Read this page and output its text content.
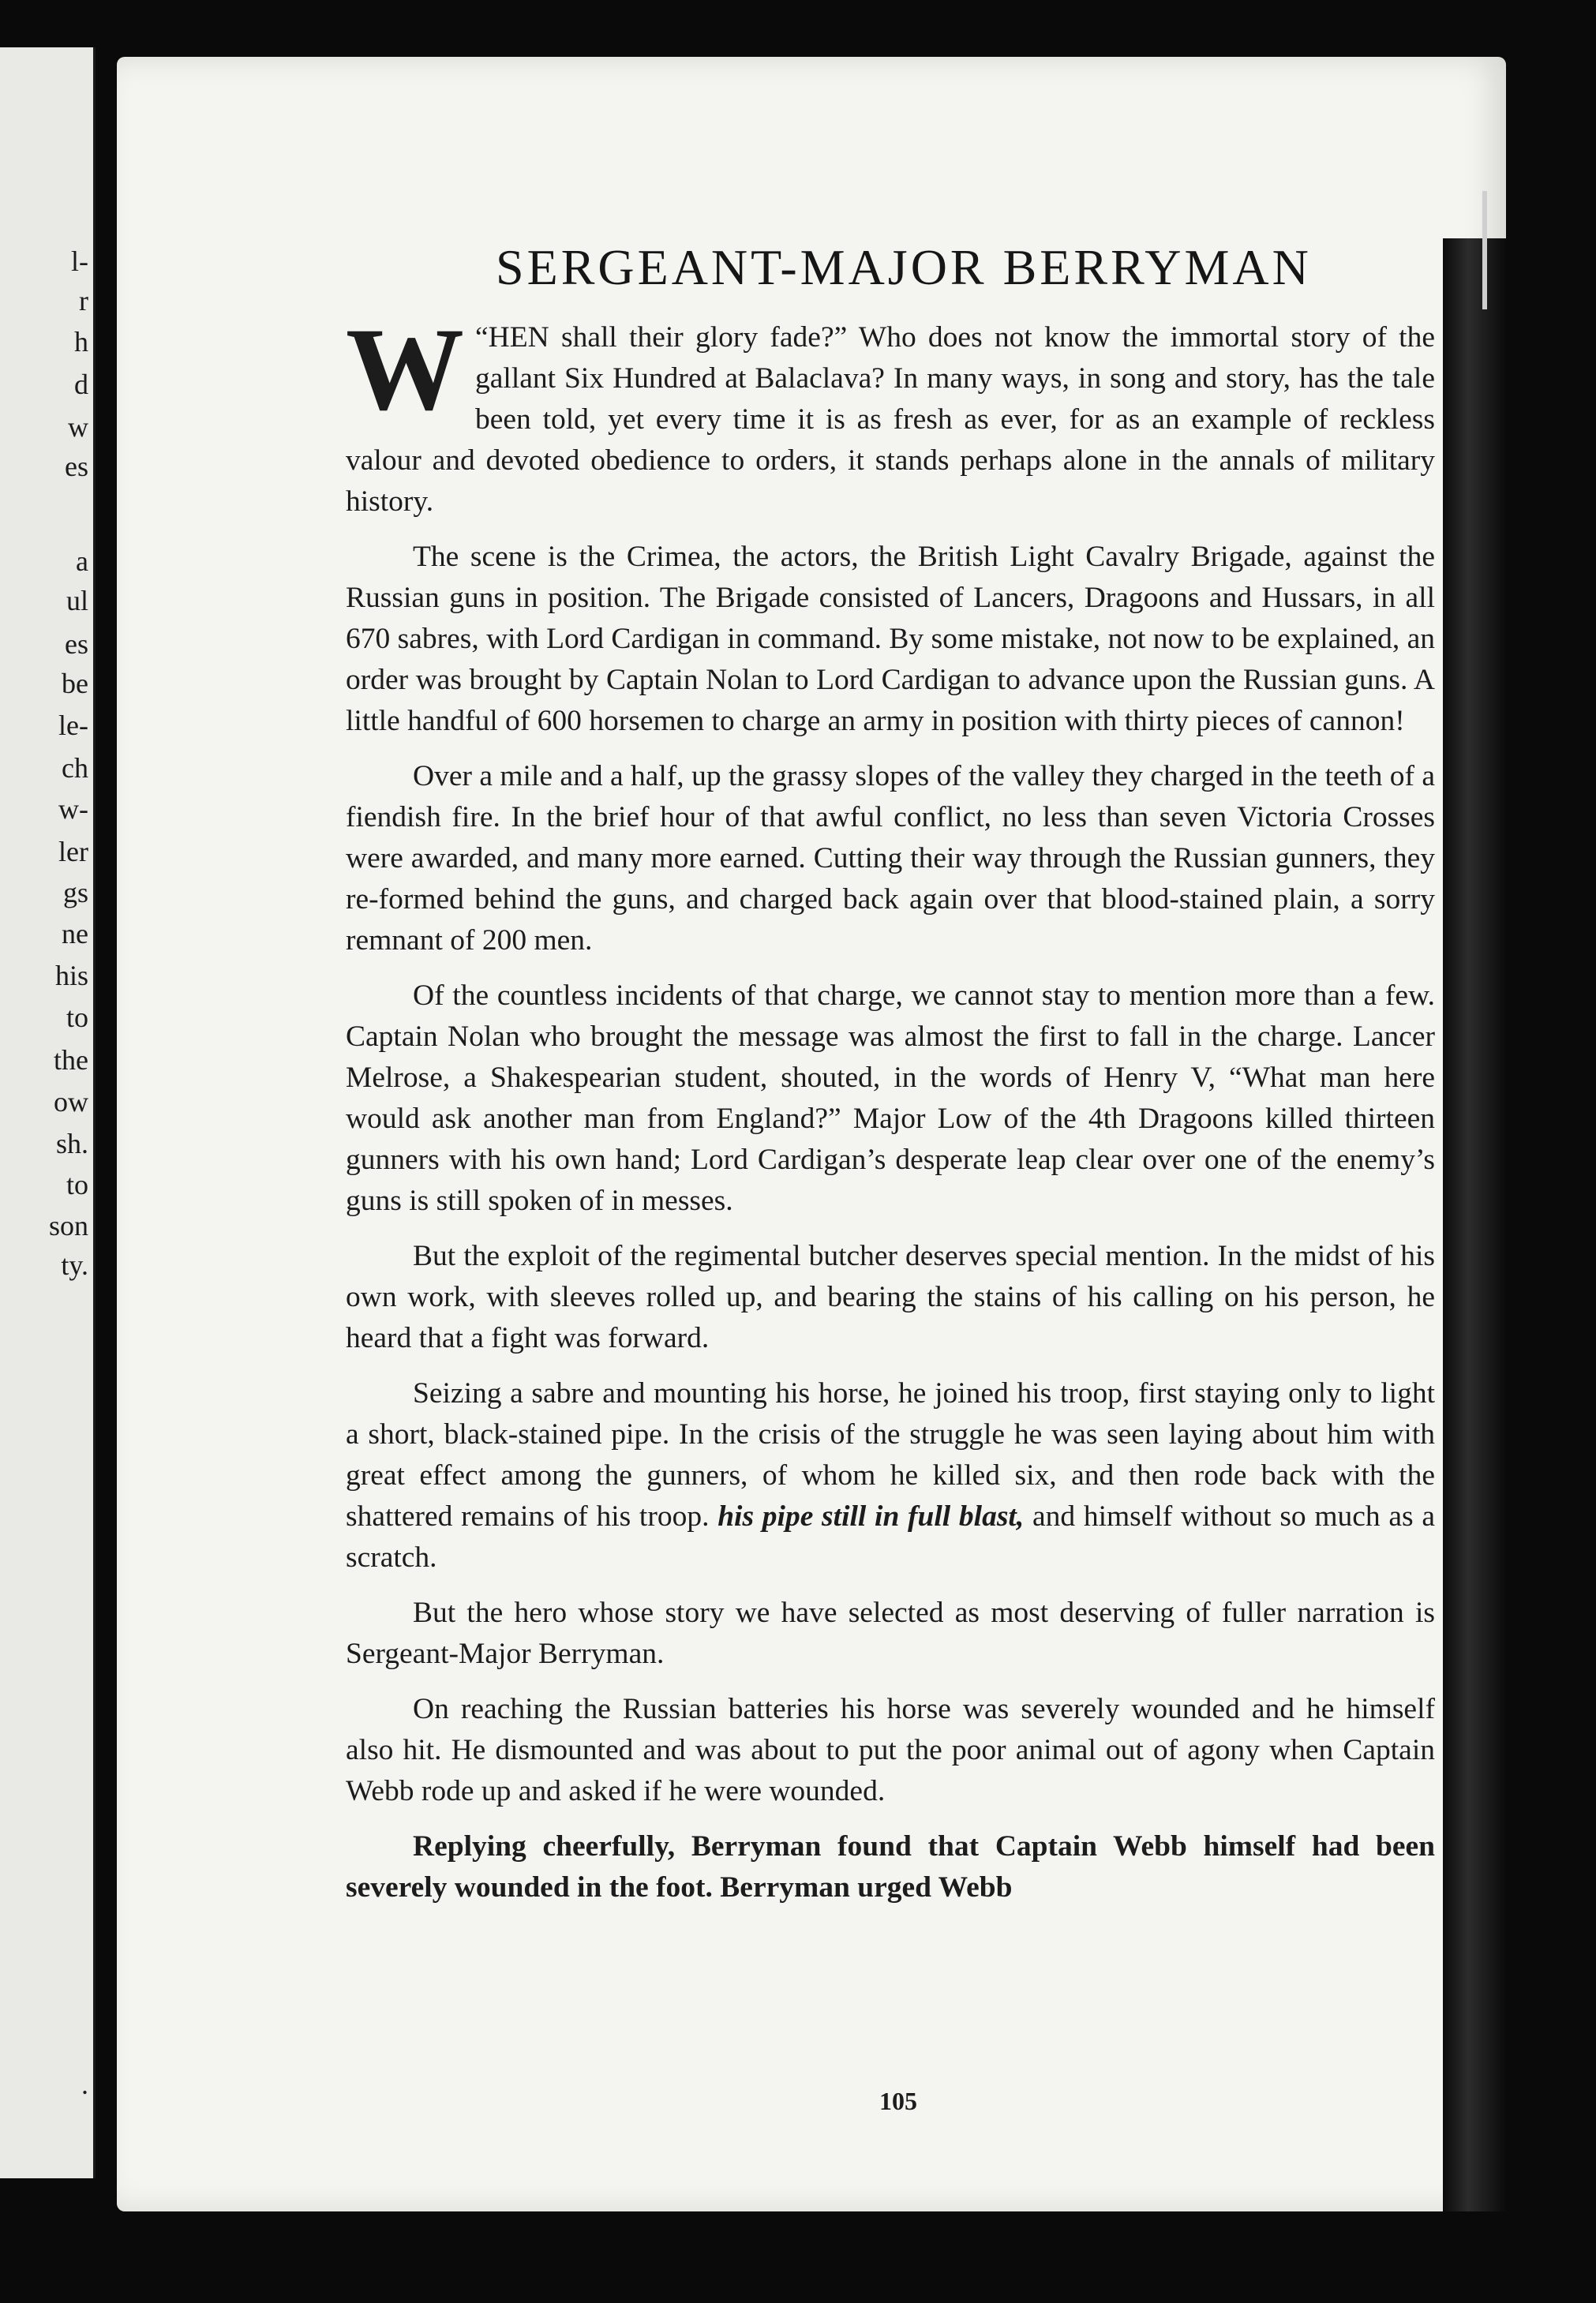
l-
r
h
d
w
es
a
ul
es
be
le-
ch
w-
ler
gs
ne
his
to
the
ow
sh.
to
son
ty.
.
SERGEANT-MAJOR BERRYMAN

“
W HEN shall their glory fade?” Who does not know the immortal story of the gallant Six Hundred at Balaclava? In many ways, in song and story, has the tale been told, yet every time it is as fresh as ever, for as an example of reckless valour and devoted obedience to orders, it stands perhaps alone in the annals of military history.

The scene is the Crimea, the actors, the British Light Cavalry Brigade, against the Russian guns in position. The Brigade consisted of Lancers, Dragoons and Hussars, in all 670 sabres, with Lord Cardigan in command. By some mistake, not now to be explained, an order was brought by Captain Nolan to Lord Cardigan to advance upon the Russian guns. A little handful of 600 horsemen to charge an army in position with thirty pieces of cannon!

Over a mile and a half, up the grassy slopes of the valley they charged in the teeth of a fiendish fire. In the brief hour of that awful conflict, no less than seven Victoria Crosses were awarded, and many more earned. Cutting their way through the Russian gunners, they re-formed behind the guns, and charged back again over that blood-stained plain, a sorry remnant of 200 men.

Of the countless incidents of that charge, we cannot stay to mention more than a few. Captain Nolan who brought the message was almost the first to fall in the charge. Lancer Melrose, a Shakespearian student, shouted, in the words of Henry V, “What man here would ask another man from England?” Major Low of the 4th Dragoons killed thirteen gunners with his own hand; Lord Cardigan’s desperate leap clear over one of the enemy’s guns is still spoken of in messes.

But the exploit of the regimental butcher deserves special mention. In the midst of his own work, with sleeves rolled up, and bearing the stains of his calling on his person, he heard that a fight was forward.

Seizing a sabre and mounting his horse, he joined his troop, first staying only to light a short, black-stained pipe. In the crisis of the struggle he was seen laying about him with great effect among the gunners, of whom he killed six, and then rode back with the shattered remains of his troop. his pipe still in full blast, and himself without so much as a scratch.

But the hero whose story we have selected as most deserving of fuller narration is Sergeant-Major Berryman.

On reaching the Russian batteries his horse was severely wounded and he himself also hit. He dismounted and was about to put the poor animal out of agony when Captain Webb rode up and asked if he were wounded.

Replying cheerfully, Berryman found that Captain Webb himself had been severely wounded in the foot. Berryman urged Webb

105
